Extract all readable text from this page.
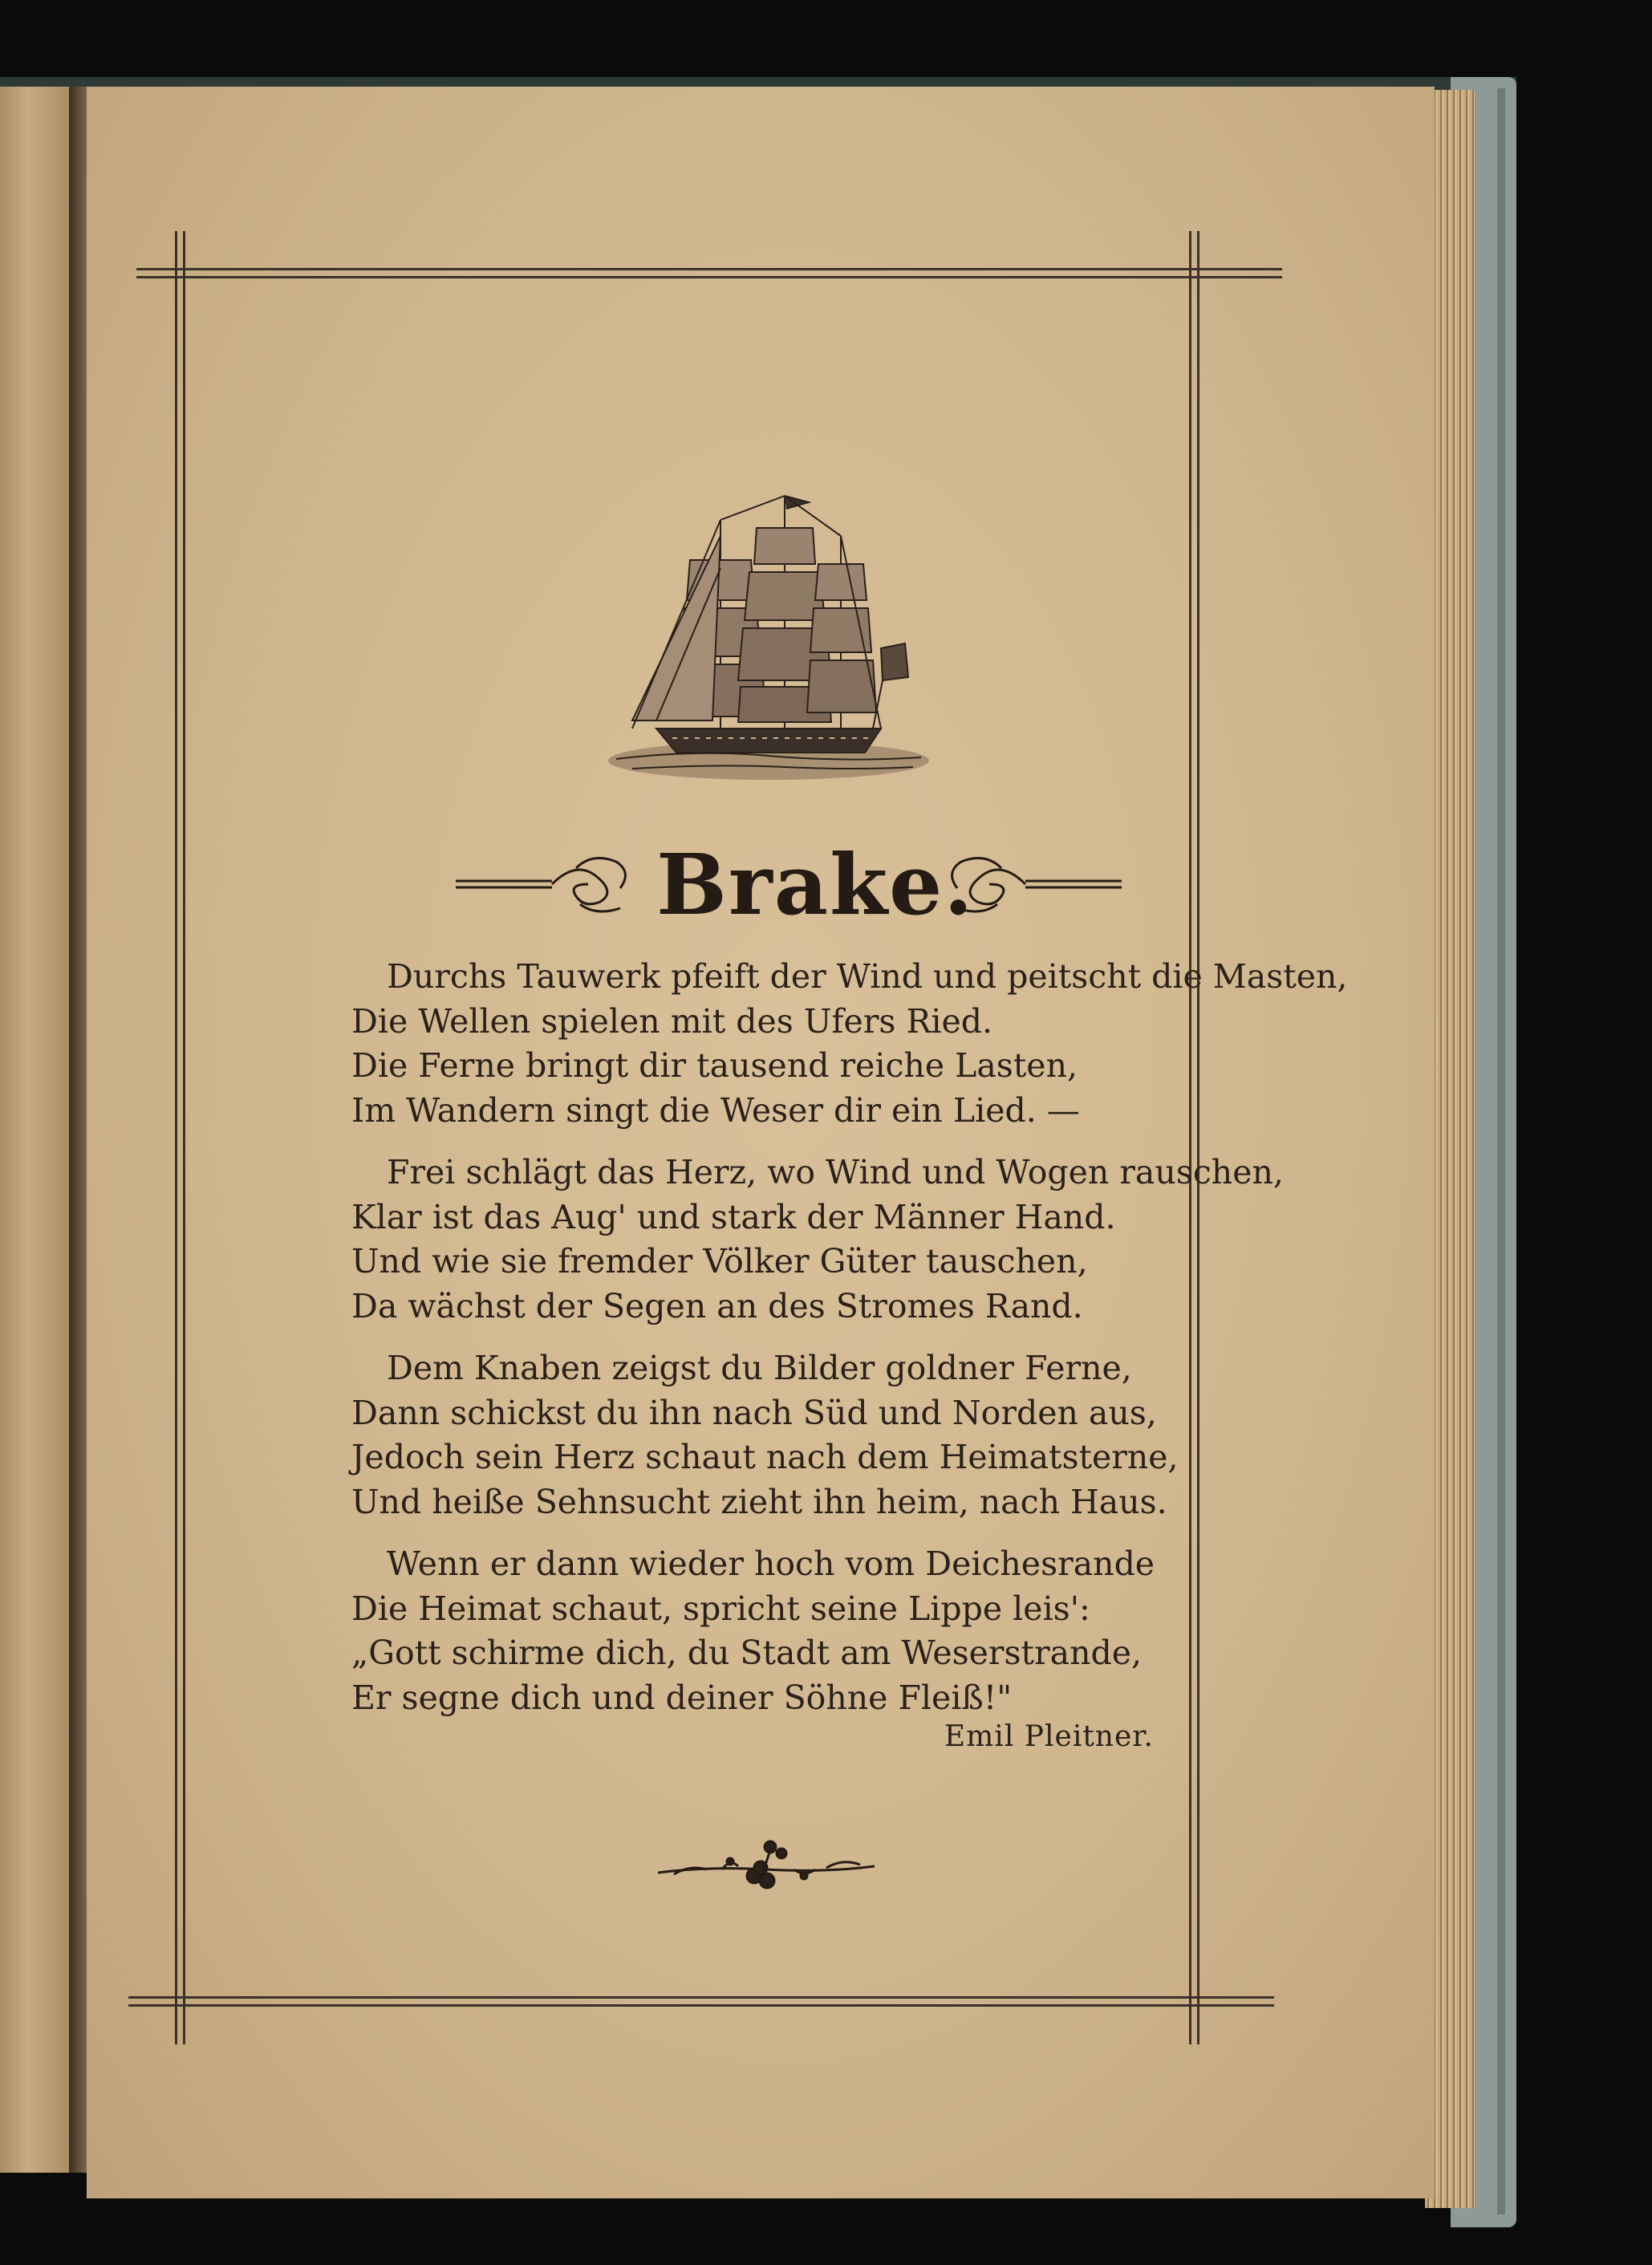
Brake.
Durchs Tauwerk pfeift der Wind und peitscht die Masten,
Die Wellen spielen mit des Ufers Ried.
Die Ferne bringt dir tausend reiche Lasten,
Im Wandern singt die Weser dir ein Lied. —
Frei schlägt das Herz, wo Wind und Wogen rauschen,
Klar ist das Aug' und stark der Männer Hand.
Und wie sie fremder Völker Güter tauschen,
Da wächst der Segen an des Stromes Rand.
Dem Knaben zeigst du Bilder goldner Ferne,
Dann schickst du ihn nach Süd und Norden aus,
Jedoch sein Herz schaut nach dem Heimatsterne,
Und heiße Sehnsucht zieht ihn heim, nach Haus.
Wenn er dann wieder hoch vom Deichesrande
Die Heimat schaut, spricht seine Lippe leis':
„Gott schirme dich, du Stadt am Weserstrande,
Er segne dich und deiner Söhne Fleiß!"
Emil Pleitner.
